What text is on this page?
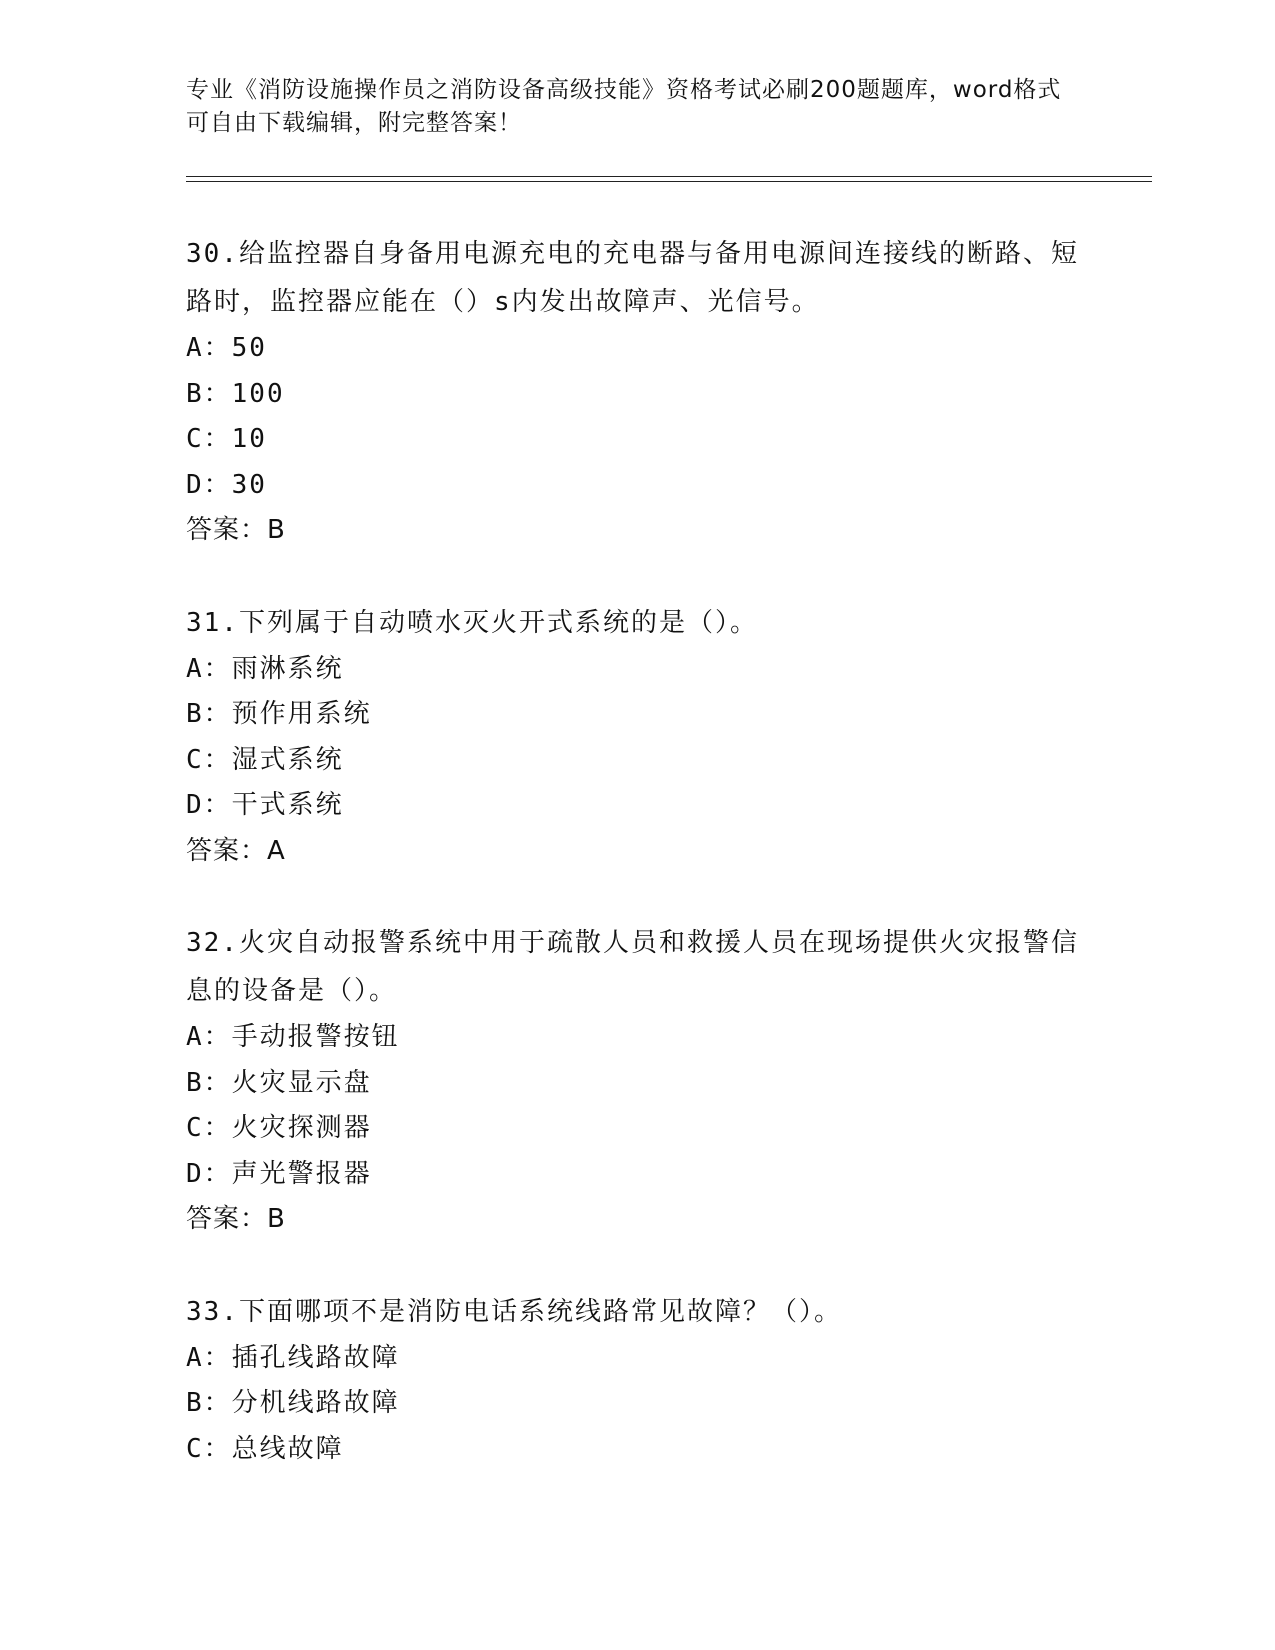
专业《消防设施操作员之消防设备高级技能》资格考试必刷200题题库，word格式可自由下载编辑，附完整答案！

30.给监控器自身备用电源充电的充电器与备用电源间连接线的断路、短路时，监控器应能在（）s内发出故障声、光信号。

A：50

B：100

C：10

D：30

答案：B

31.下列属于自动喷水灭火开式系统的是（）。

A：雨淋系统

B：预作用系统

C：湿式系统

D：干式系统

答案：A

32.火灾自动报警系统中用于疏散人员和救援人员在现场提供火灾报警信息的设备是（）。

A：手动报警按钮

B：火灾显示盘

C：火灾探测器

D：声光警报器

答案：B

33.下面哪项不是消防电话系统线路常见故障？（）。

A：插孔线路故障

B：分机线路故障

C：总线故障
